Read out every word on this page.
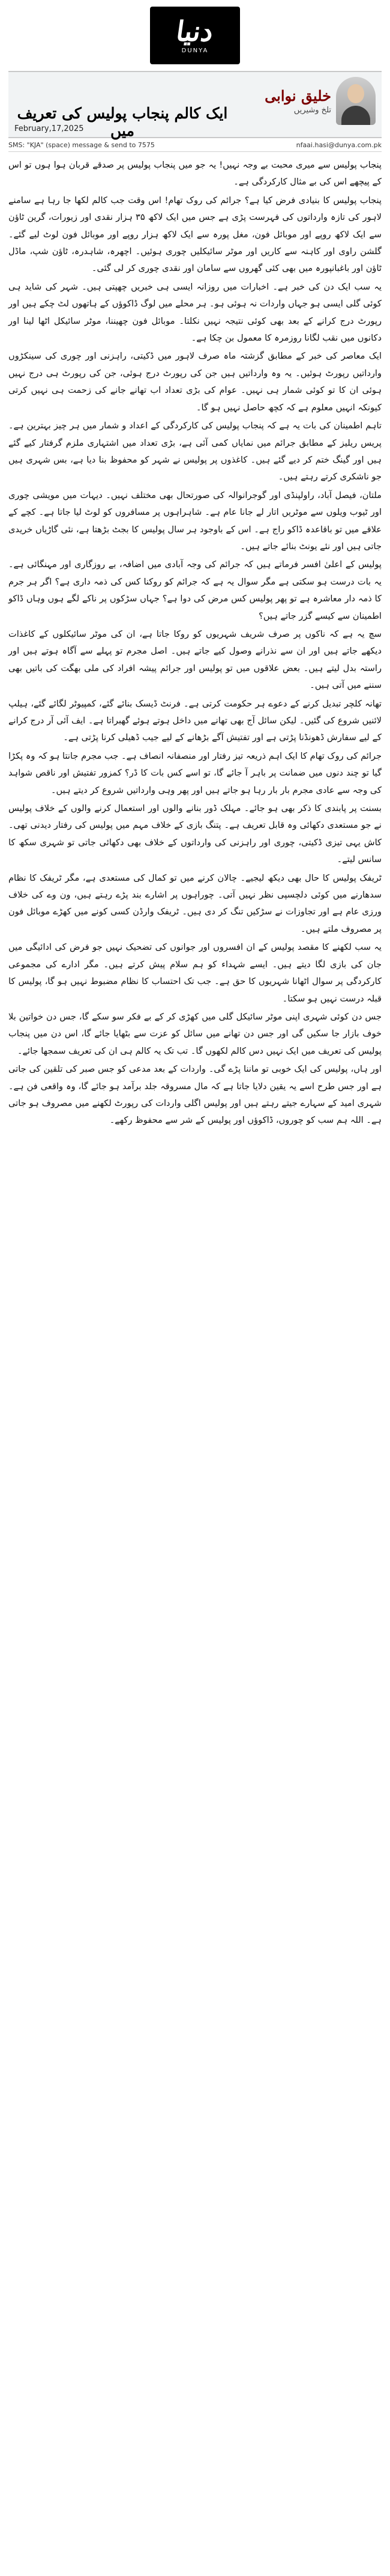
دنیا
DUNYA
خلیق نوابی
تلخ وشیریں
ایک کالم پنجاب پولیس کی تعریف میں
February,17,2025
SMS: "KJA" (space) message & send to 7575	nfaai.hasi@dunya.com.pk

پنجاب پولیس سے میری محبت بے وجہ نہیں! یہ جو میں پنجاب پولیس پر صدقے قربان ہوا ہوں تو اس کے پیچھے اس کی بے مثال کارکردگی ہے۔

پنجاب پولیس کا بنیادی فرض کیا ہے؟ جرائم کی روک تھام! اس وقت جب کالم لکھا جا رہا ہے سامنے لاہور کی تازہ وارداتوں کی فہرست پڑی ہے جس میں ایک لاکھ ۳۵ ہزار نقدی اور زیورات، گرین ٹاؤن سے ایک لاکھ روپے اور موبائل فون، مغل پورہ سے ایک لاکھ ہزار روپے اور موبائل فون لوٹ لیے گئے۔ گلشن راوی اور کاہنہ سے کاریں اور موٹر سائیکلیں چوری ہوئیں۔ اچھرہ، شاہدرہ، ٹاؤن شپ، ماڈل ٹاؤن اور باغبانپورہ میں بھی کئی گھروں سے سامان اور نقدی چوری کر لی گئی۔

یہ سب ایک دن کی خبر ہے۔ اخبارات میں روزانہ ایسی ہی خبریں چھپتی ہیں۔ شہر کی شاید ہی کوئی گلی ایسی ہو جہاں واردات نہ ہوئی ہو۔ ہر محلے میں لوگ ڈاکوؤں کے ہاتھوں لٹ چکے ہیں اور رپورٹ درج کرانے کے بعد بھی کوئی نتیجہ نہیں نکلتا۔ موبائل فون چھیننا، موٹر سائیکل اٹھا لینا اور دکانوں میں نقب لگانا روزمرہ کا معمول بن چکا ہے۔

ایک معاصر کی خبر کے مطابق گزشتہ ماہ صرف لاہور میں ڈکیتی، راہزنی اور چوری کی سینکڑوں وارداتیں رپورٹ ہوئیں۔ یہ وہ وارداتیں ہیں جن کی رپورٹ درج ہوئی، جن کی رپورٹ ہی درج نہیں ہوئی ان کا تو کوئی شمار ہی نہیں۔ عوام کی بڑی تعداد اب تھانے جانے کی زحمت ہی نہیں کرتی کیونکہ انہیں معلوم ہے کہ کچھ حاصل نہیں ہو گا۔

تاہم اطمینان کی بات یہ ہے کہ پنجاب پولیس کی کارکردگی کے اعداد و شمار میں ہر چیز بہترین ہے۔ پریس ریلیز کے مطابق جرائم میں نمایاں کمی آئی ہے، بڑی تعداد میں اشتہاری ملزم گرفتار کیے گئے ہیں اور گینگ ختم کر دیے گئے ہیں۔ کاغذوں پر پولیس نے شہر کو محفوظ بنا دیا ہے، بس شہری ہیں جو ناشکری کرتے رہتے ہیں۔

ملتان، فیصل آباد، راولپنڈی اور گوجرانوالہ کی صورتحال بھی مختلف نہیں۔ دیہات میں مویشی چوری اور ٹیوب ویلوں سے موٹریں اتار لے جانا عام ہے۔ شاہراہوں پر مسافروں کو لوٹ لیا جاتا ہے۔ کچے کے علاقے میں تو باقاعدہ ڈاکو راج ہے۔ اس کے باوجود ہر سال پولیس کا بجٹ بڑھتا ہے، نئی گاڑیاں خریدی جاتی ہیں اور نئے یونٹ بنائے جاتے ہیں۔

پولیس کے اعلیٰ افسر فرماتے ہیں کہ جرائم کی وجہ آبادی میں اضافہ، بے روزگاری اور مہنگائی ہے۔ یہ بات درست ہو سکتی ہے مگر سوال یہ ہے کہ جرائم کو روکنا کس کی ذمہ داری ہے؟ اگر ہر جرم کا ذمہ دار معاشرہ ہے تو پھر پولیس کس مرض کی دوا ہے؟ جہاں سڑکوں پر ناکے لگے ہوں وہاں ڈاکو اطمینان سے کیسے گزر جاتے ہیں؟

سچ یہ ہے کہ ناکوں پر صرف شریف شہریوں کو روکا جاتا ہے، ان کی موٹر سائیکلوں کے کاغذات دیکھے جاتے ہیں اور ان سے نذرانے وصول کیے جاتے ہیں۔ اصل مجرم تو پہلے سے آگاہ ہوتے ہیں اور راستہ بدل لیتے ہیں۔ بعض علاقوں میں تو پولیس اور جرائم پیشہ افراد کی ملی بھگت کی باتیں بھی سننے میں آتی ہیں۔

تھانہ کلچر تبدیل کرنے کے دعوے ہر حکومت کرتی ہے۔ فرنٹ ڈیسک بنائے گئے، کمپیوٹر لگائے گئے، ہیلپ لائنیں شروع کی گئیں۔ لیکن سائل آج بھی تھانے میں داخل ہوتے ہوئے گھبراتا ہے۔ ایف آئی آر درج کرانے کے لیے سفارش ڈھونڈنا پڑتی ہے اور تفتیش آگے بڑھانے کے لیے جیب ڈھیلی کرنا پڑتی ہے۔

جرائم کی روک تھام کا ایک اہم ذریعہ تیز رفتار اور منصفانہ انصاف ہے۔ جب مجرم جانتا ہو کہ وہ پکڑا گیا تو چند دنوں میں ضمانت پر باہر آ جائے گا، تو اسے کس بات کا ڈر؟ کمزور تفتیش اور ناقص شواہد کی وجہ سے عادی مجرم بار بار رہا ہو جاتے ہیں اور پھر وہی وارداتیں شروع کر دیتے ہیں۔

بسنت پر پابندی کا ذکر بھی ہو جائے۔ مہلک ڈور بنانے والوں اور استعمال کرنے والوں کے خلاف پولیس نے جو مستعدی دکھائی وہ قابل تعریف ہے۔ پتنگ بازی کے خلاف مہم میں پولیس کی رفتار دیدنی تھی۔ کاش یہی تیزی ڈکیتی، چوری اور راہزنی کی وارداتوں کے خلاف بھی دکھائی جاتی تو شہری سکھ کا سانس لیتے۔

ٹریفک پولیس کا حال بھی دیکھ لیجیے۔ چالان کرنے میں تو کمال کی مستعدی ہے، مگر ٹریفک کا نظام سدھارنے میں کوئی دلچسپی نظر نہیں آتی۔ چوراہوں پر اشارے بند پڑے رہتے ہیں، ون وے کی خلاف ورزی عام ہے اور تجاوزات نے سڑکیں تنگ کر دی ہیں۔ ٹریفک وارڈن کسی کونے میں کھڑے موبائل فون پر مصروف ملتے ہیں۔

یہ سب لکھنے کا مقصد پولیس کے ان افسروں اور جوانوں کی تضحیک نہیں جو فرض کی ادائیگی میں جان کی بازی لگا دیتے ہیں۔ ایسے شہداء کو ہم سلام پیش کرتے ہیں۔ مگر ادارے کی مجموعی کارکردگی پر سوال اٹھانا شہریوں کا حق ہے۔ جب تک احتساب کا نظام مضبوط نہیں ہو گا، پولیس کا قبلہ درست نہیں ہو سکتا۔

جس دن کوئی شہری اپنی موٹر سائیکل گلی میں کھڑی کر کے بے فکر سو سکے گا، جس دن خواتین بلا خوف بازار جا سکیں گی اور جس دن تھانے میں سائل کو عزت سے بٹھایا جائے گا، اس دن میں پنجاب پولیس کی تعریف میں ایک نہیں دس کالم لکھوں گا۔ تب تک یہ کالم ہی ان کی تعریف سمجھا جائے۔

اور ہاں، پولیس کی ایک خوبی تو ماننا پڑے گی۔ واردات کے بعد مدعی کو جس صبر کی تلقین کی جاتی ہے اور جس طرح اسے یہ یقین دلایا جاتا ہے کہ مال مسروقہ جلد برآمد ہو جائے گا، وہ واقعی فن ہے۔ شہری امید کے سہارے جیتے رہتے ہیں اور پولیس اگلی واردات کی رپورٹ لکھنے میں مصروف ہو جاتی ہے۔ اللہ ہم سب کو چوروں، ڈاکوؤں اور پولیس کے شر سے محفوظ رکھے۔
